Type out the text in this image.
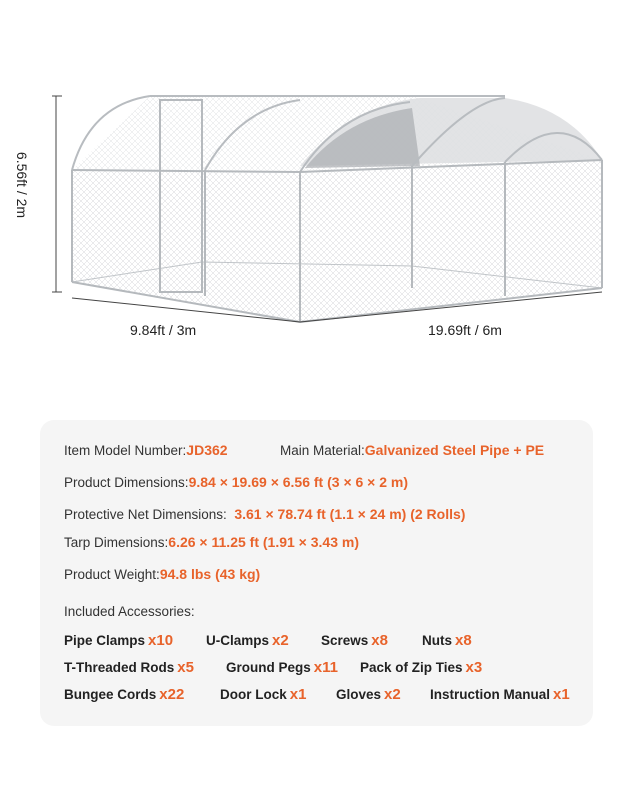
6.56ft / 2m
9.84ft / 3m	19.69ft / 6m
Item Model Number:JD362	Main Material:Galvanized Steel Pipe + PE
Product Dimensions:9.84 × 19.69 × 6.56 ft (3 × 6 × 2 m)
Protective Net Dimensions: 3.61 × 78.74 ft (1.1 × 24 m) (2 Rolls)
Tarp Dimensions:6.26 × 11.25 ft (1.91 × 3.43 m)
Product Weight:94.8 lbs (43 kg)
Included Accessories:
Pipe Clamps x10 U-Clamps x2 Screws x8	Nuts x8
T-Threaded Rods x5 Ground Pegs x11 Pack of Zip Ties x3
Bungee Cords x22	Door Lock x1 Gloves x2 Instruction Manual x1
